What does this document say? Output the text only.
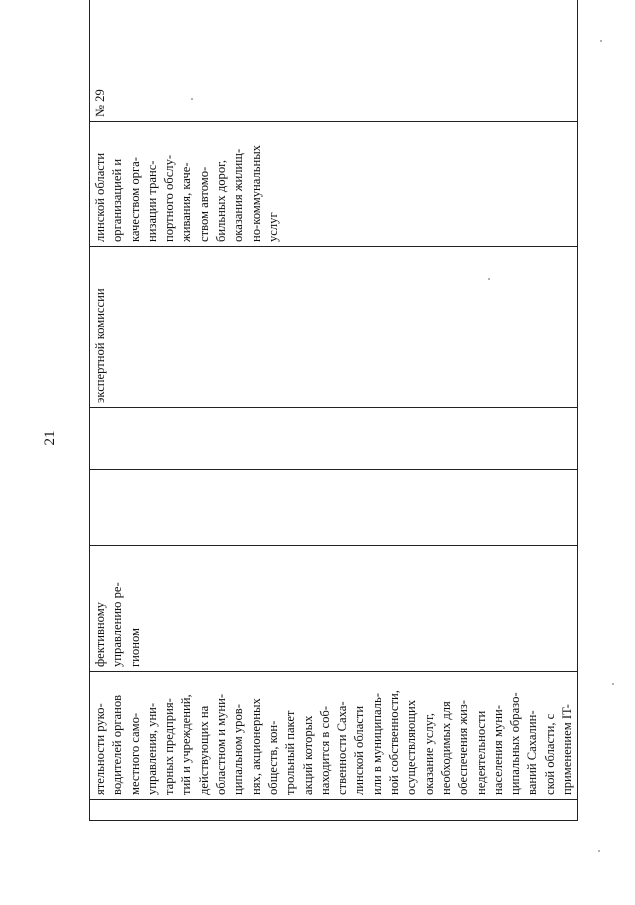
21
	ятельности руко-
водителей органов
местного само-
управления, уни-
тарных предприя-
тий и учреждений,
действующих на
областном и муни-
ципальном уров-
нях, акционерных
обществ, кон-
трольный пакет
акций которых
находится в соб-
ственности Саха-
линской области
или в муниципаль-
ной собственности,
осуществляющих
оказание услуг,
необходимых для
обеспечения жиз-
недеятельности
населения муни-
ципальных образо-
ваний Сахалин-
ской области, с
применением IT-	фективному
управлению ре-
гионом			экспертной комиссии	линской области
организацией и
качеством орга-
низации транс-
портного обслу-
живания, каче-
ством автомо-
бильных дорог,
оказания жилищ-
но-коммунальных
услуг	№ 29
